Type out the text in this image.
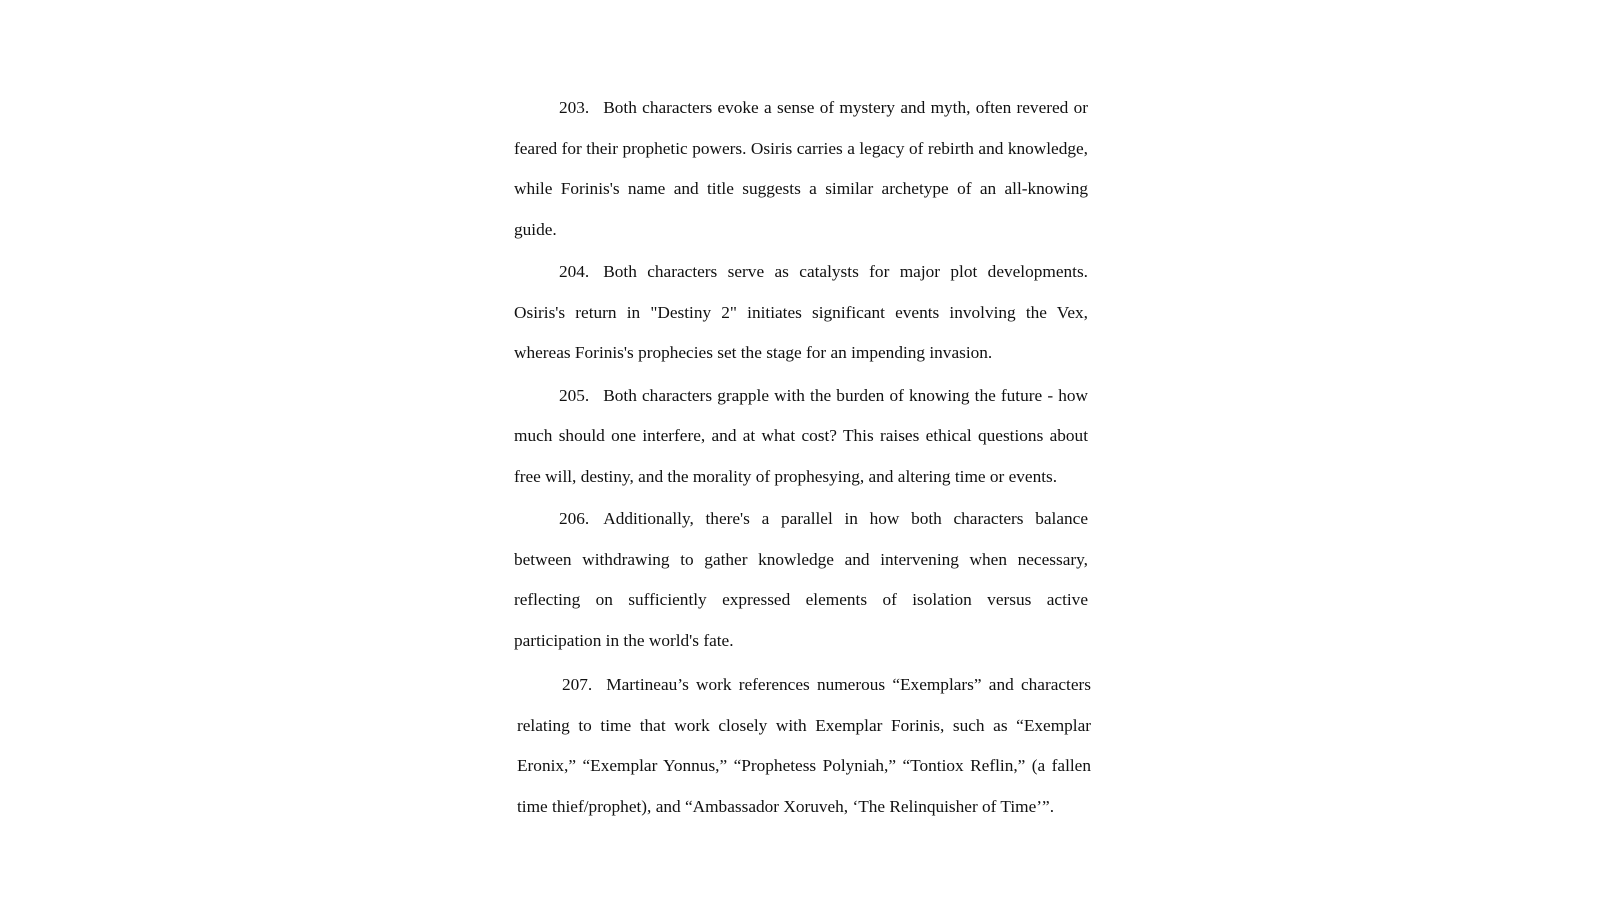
203. Both characters evoke a sense of mystery and myth, often revered or feared for their prophetic powers. Osiris carries a legacy of rebirth and knowledge, while Forinis's name and title suggests a similar archetype of an all-knowing guide.

204. Both characters serve as catalysts for major plot developments. Osiris's return in "Destiny 2" initiates significant events involving the Vex, whereas Forinis's prophecies set the stage for an impending invasion.

205. Both characters grapple with the burden of knowing the future - how much should one interfere, and at what cost? This raises ethical questions about free will, destiny, and the morality of prophesying, and altering time or events.

206. Additionally, there's a parallel in how both characters balance between withdrawing to gather knowledge and intervening when necessary, reflecting on sufficiently expressed elements of isolation versus active participation in the world's fate.

207. Martineau’s work references numerous “Exemplars” and characters relating to time that work closely with Exemplar Forinis, such as “Exemplar Eronix,” “Exemplar Yonnus,” “Prophetess Polyniah,” “Tontiox Reflin,” (a fallen time thief/prophet), and “Ambassador Xoruveh, ‘The Relinquisher of Time’”.
